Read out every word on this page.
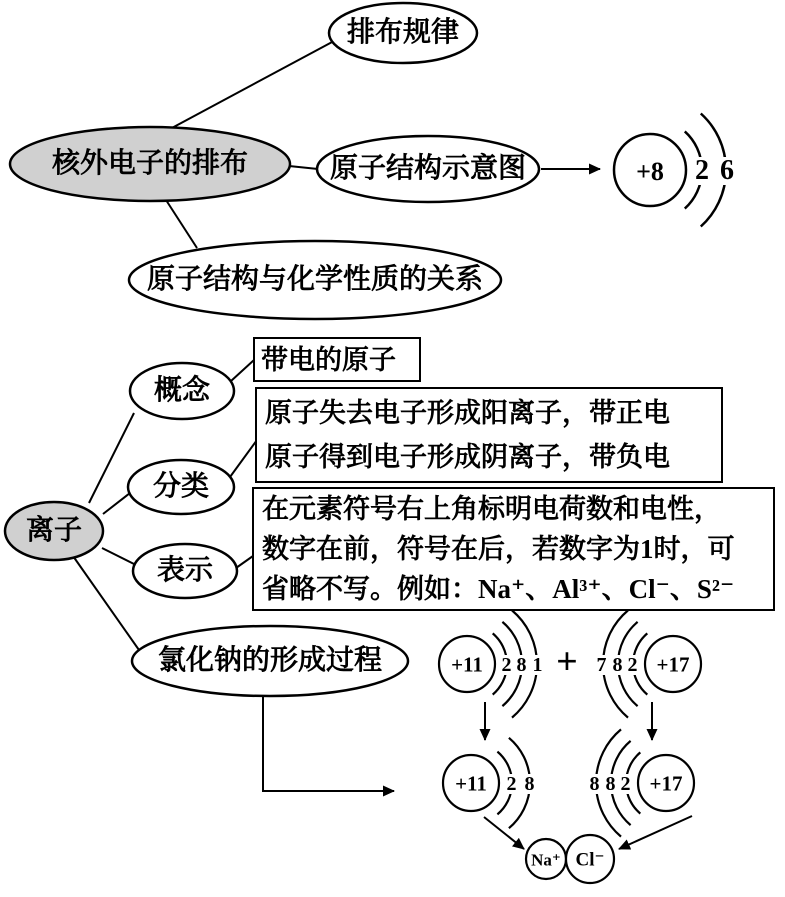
排布规律
核外电子的排布	原子结构示意图
原子结构与化学性质的关系
概念
分类
表示
离子
氯化钠的形成过程
带电的原子
原子失去电子形成阳离子，带正电
原子得到电子形成阴离子，带负电
在元素符号右上角标明电荷数和电性，
数字在前，符号在后，若数字为1时，可
省略不写。例如：Na⁺、Al³⁺、Cl⁻、S²⁻
+8 2 6
+11 2 8 1 + 7 8 2 +17
+11 2 8	8 8 2 +17
Na⁺ Cl⁻
